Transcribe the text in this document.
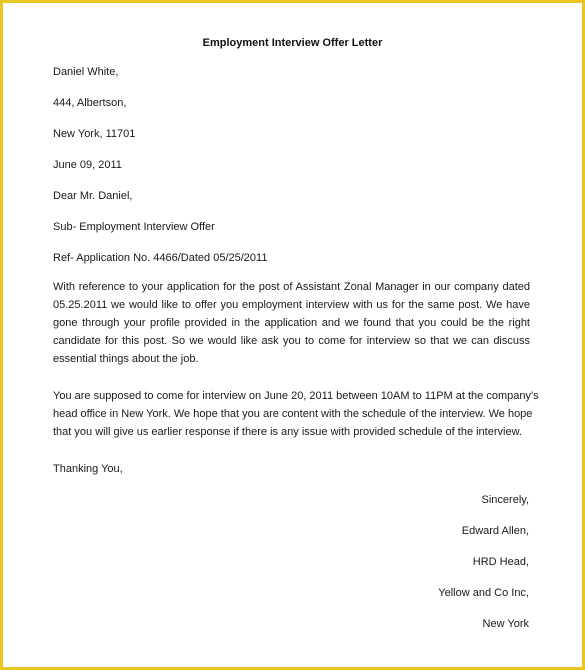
Employment Interview Offer Letter

Daniel White,

444, Albertson,

New York, 11701

June 09, 2011

Dear Mr. Daniel,

Sub- Employment Interview Offer

Ref- Application No. 4466/Dated 05/25/2011

With reference to your application for the post of Assistant Zonal Manager in our company dated
05.25.2011 we would like to offer you employment interview with us for the same post. We have
gone through your profile provided in the application and we found that you could be the right
candidate for this post. So we would like ask you to come for interview so that we can discuss
essential things about the job.
You are supposed to come for interview on June 20, 2011 between 10AM to 11PM at the company's
head office in New York. We hope that you are content with the schedule of the interview. We hope
that you will give us earlier response if there is any issue with provided schedule of the interview.

Thanking You,

Sincerely,

Edward Allen,

HRD Head,

Yellow and Co Inc,

New York
